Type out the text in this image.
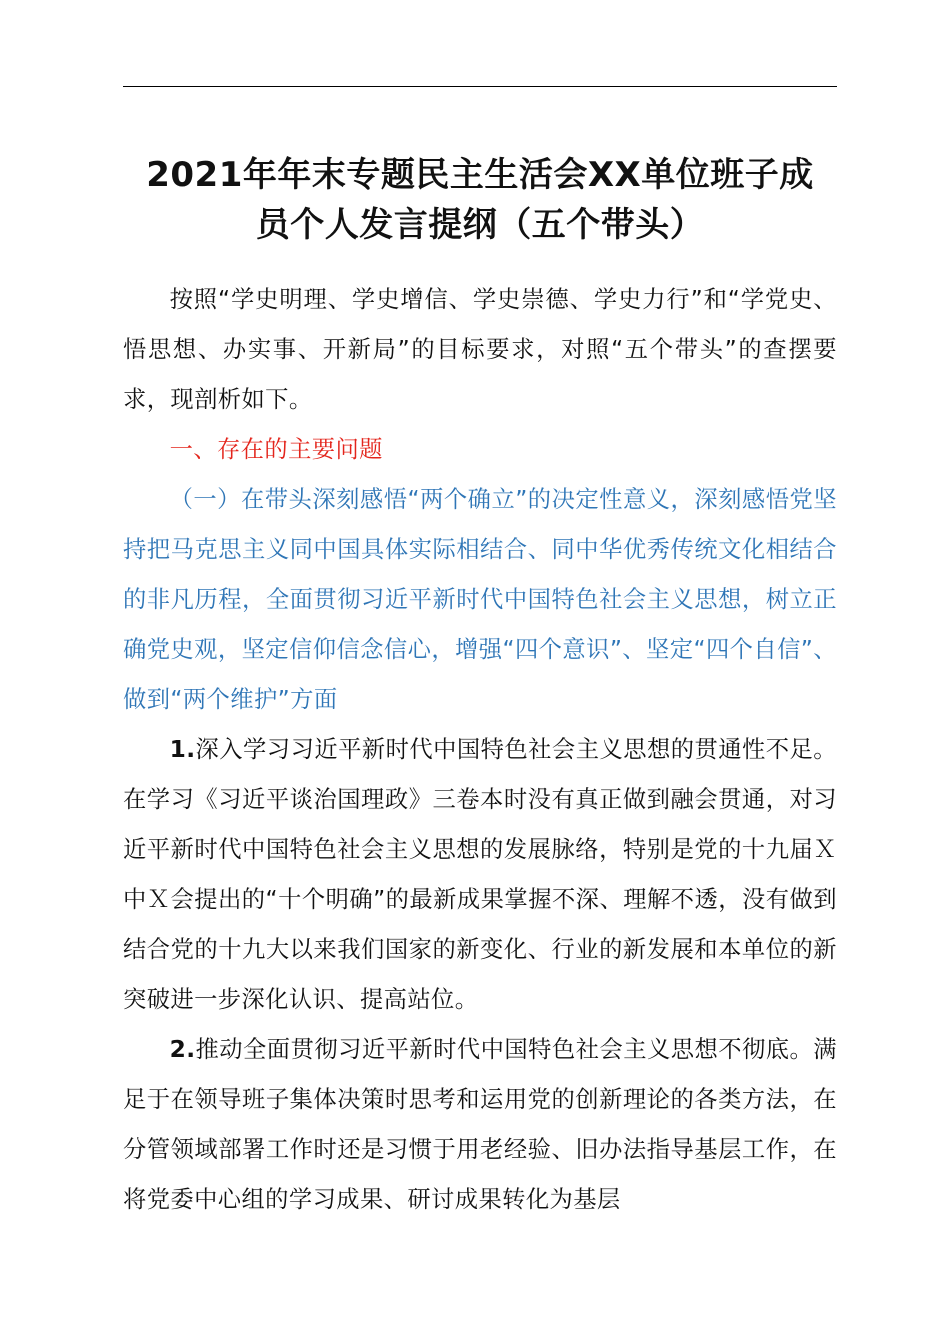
2021年年末专题民主生活会XX单位班子成
员个人发言提纲（五个带头）

按照“学史明理、学史增信、学史崇德、学史力行”和“学党史、悟思想、办实事、开新局”的目标要求，对照“五个带头”的查摆要求，现剖析如下。

一、存在的主要问题

（一）在带头深刻感悟“两个确立”的决定性意义，深刻感悟党坚持把马克思主义同中国具体实际相结合、同中华优秀传统文化相结合的非凡历程，全面贯彻习近平新时代中国特色社会主义思想，树立正确党史观，坚定信仰信念信心，增强“四个意识”、坚定“四个自信”、做到“两个维护”方面

1.深入学习习近平新时代中国特色社会主义思想的贯通性不足。在学习《习近平谈治国理政》三卷本时没有真正做到融会贯通，对习近平新时代中国特色社会主义思想的发展脉络，特别是党的十九届Ｘ中Ｘ会提出的“十个明确”的最新成果掌握不深、理解不透，没有做到结合党的十九大以来我们国家的新变化、行业的新发展和本单位的新突破进一步深化认识、提高站位。

2.推动全面贯彻习近平新时代中国特色社会主义思想不彻底。满足于在领导班子集体决策时思考和运用党的创新理论的各类方法，在分管领域部署工作时还是习惯于用老经验、旧办法指导基层工作，在将党委中心组的学习成果、研讨成果转化为基层
